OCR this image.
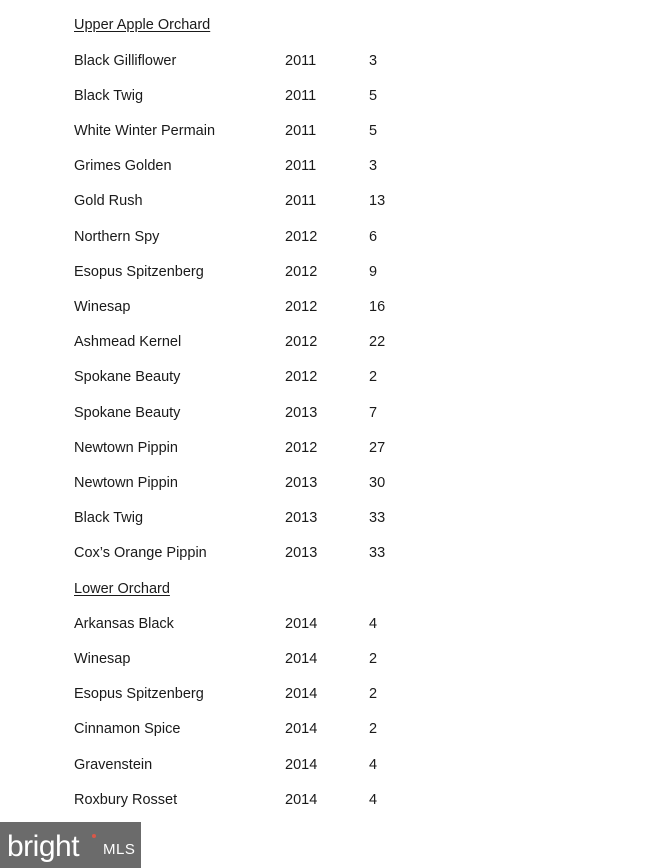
Upper Apple Orchard
Black Gilliflower	2011	3
Black Twig	2011	5
White Winter Permain	2011	5
Grimes Golden	2011	3
Gold Rush	2011	13
Northern Spy	2012	6
Esopus Spitzenberg	2012	9
Winesap	2012	16
Ashmead Kernel	2012	22
Spokane Beauty	2012	2
Spokane Beauty	2013	7
Newtown Pippin	2012	27
Newtown Pippin	2013	30
Black Twig	2013	33
Cox’s Orange Pippin	2013	33
Lower Orchard
Arkansas Black	2014	4
Winesap	2014	2
Esopus Spitzenberg	2014	2
Cinnamon Spice	2014	2
Gravenstein	2014	4
Roxbury Rosset	2014	4
bright MLS
